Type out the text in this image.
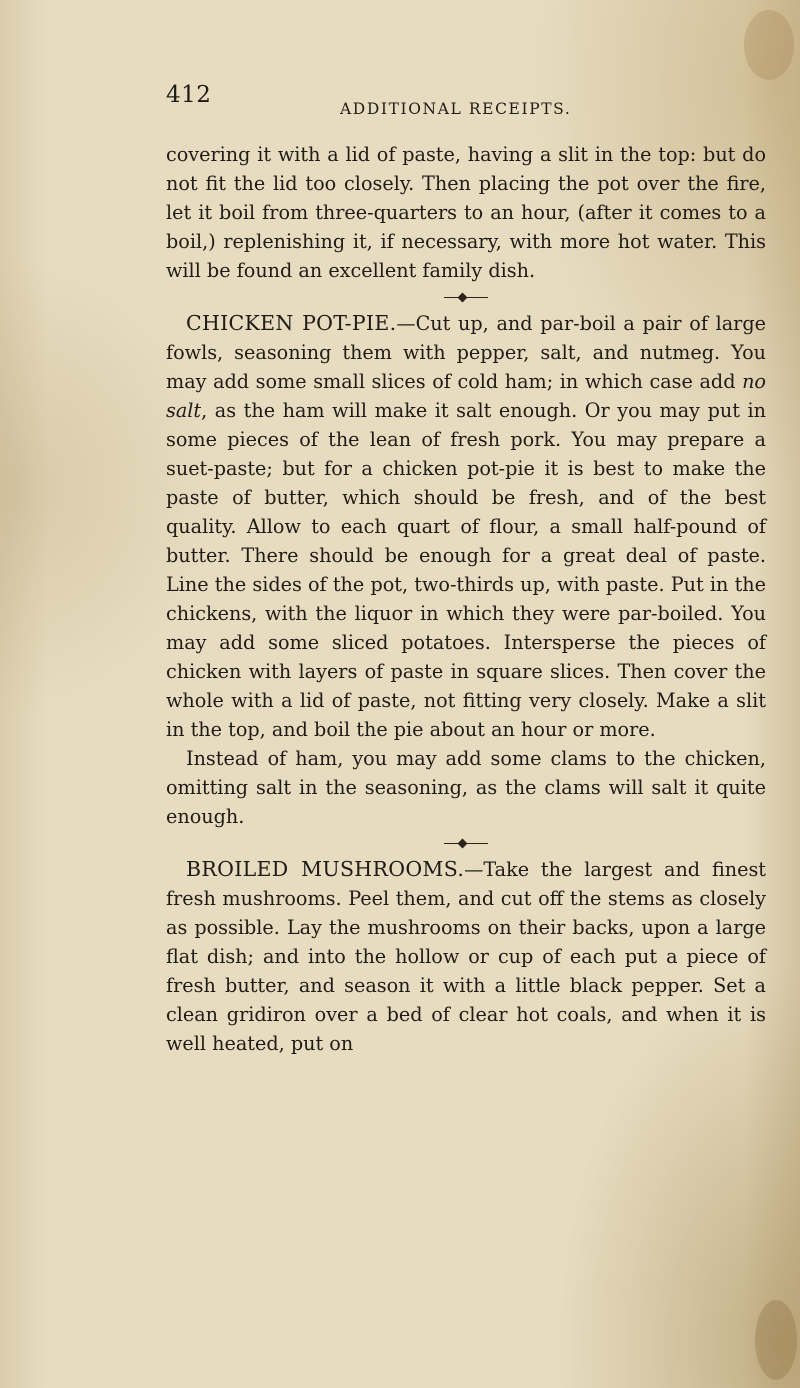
412
ADDITIONAL RECEIPTS.

covering it with a lid of paste, having a slit in the top: but do not fit the lid too closely. Then placing the pot over the fire, let it boil from three-quarters to an hour, (after it comes to a boil,) replenishing it, if necessary, with more hot water. This will be found an excellent family dish.

CHICKEN POT-PIE.—Cut up, and par-boil a pair of large fowls, seasoning them with pepper, salt, and nutmeg. You may add some small slices of cold ham; in which case add no salt, as the ham will make it salt enough. Or you may put in some pieces of the lean of fresh pork. You may prepare a suet-paste; but for a chicken pot-pie it is best to make the paste of butter, which should be fresh, and of the best quality. Allow to each quart of flour, a small half-pound of butter. There should be enough for a great deal of paste. Line the sides of the pot, two-thirds up, with paste. Put in the chickens, with the liquor in which they were par-boiled. You may add some sliced potatoes. Intersperse the pieces of chicken with layers of paste in square slices. Then cover the whole with a lid of paste, not fitting very closely. Make a slit in the top, and boil the pie about an hour or more.

Instead of ham, you may add some clams to the chicken, omitting salt in the seasoning, as the clams will salt it quite enough.

BROILED MUSHROOMS.—Take the largest and finest fresh mushrooms. Peel them, and cut off the stems as closely as possible. Lay the mushrooms on their backs, upon a large flat dish; and into the hollow or cup of each put a piece of fresh butter, and season it with a little black pepper. Set a clean gridiron over a bed of clear hot coals, and when it is well heated, put on
